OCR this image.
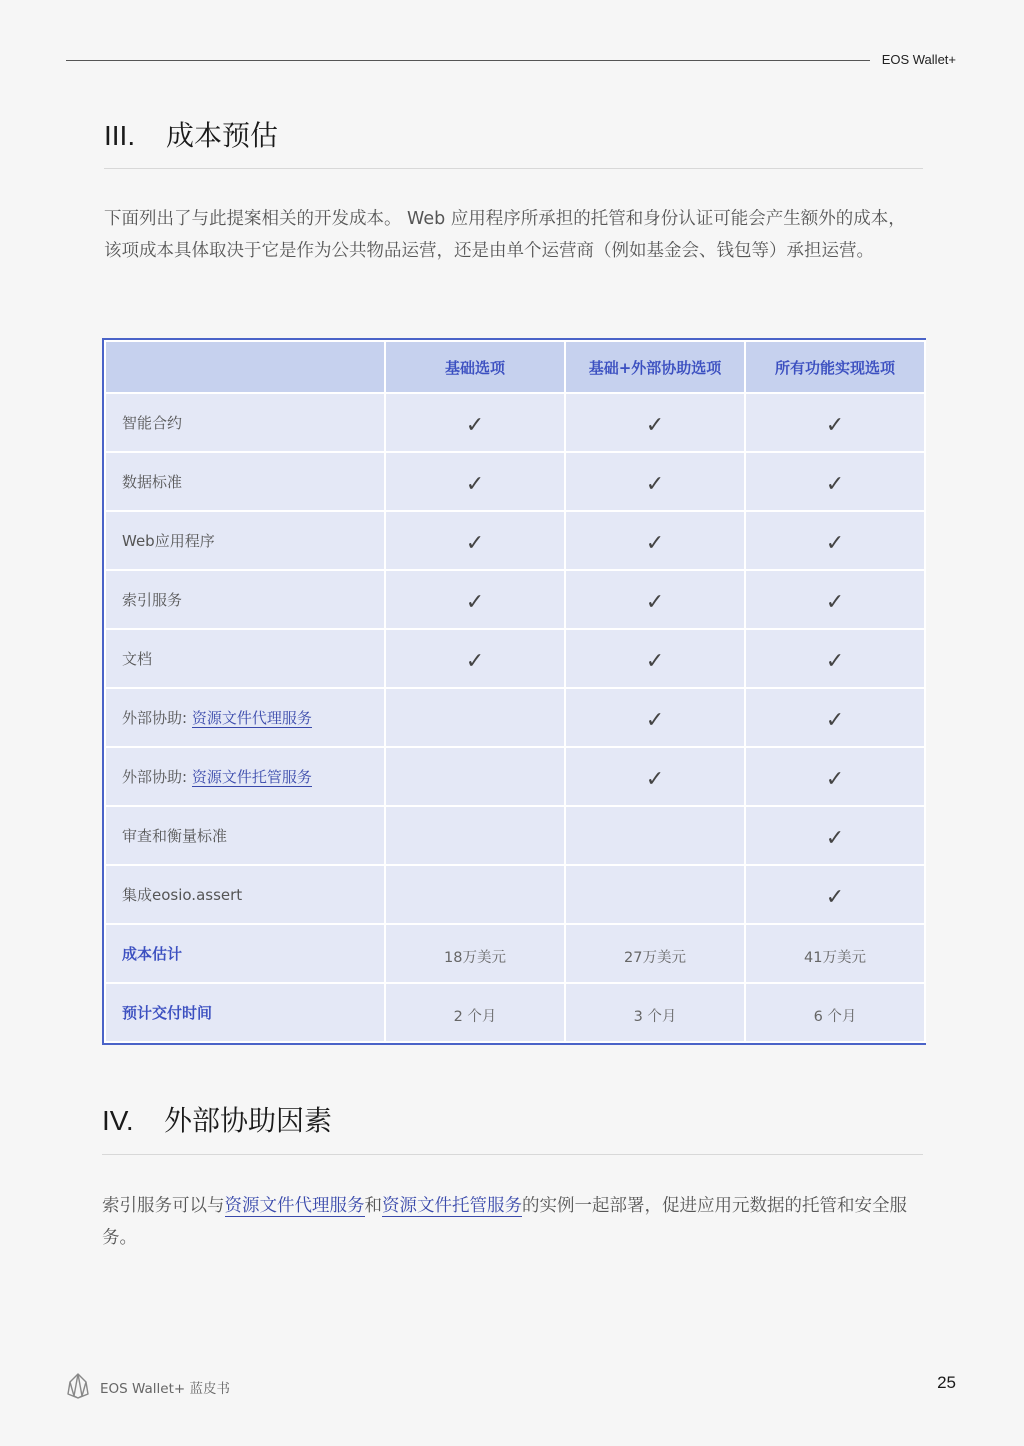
EOS Wallet+
III.	成本预估
下面列出了与此提案相关的开发成本。 Web 应用程序所承担的托管和身份认证可能会产生额外的成本，该项成本具体取决于它是作为公共物品运营，还是由单个运营商（例如基金会、钱包等）承担运营。
	基础选项	基础+外部协助选项	所有功能实现选项
智能合约	✓	✓	✓
数据标准	✓	✓	✓
Web应用程序	✓	✓	✓
索引服务	✓	✓	✓
文档	✓	✓	✓
外部协助: 资源文件代理服务		✓	✓
外部协助: 资源文件托管服务		✓	✓
审查和衡量标准			✓
集成eosio.assert			✓
成本估计	18万美元	27万美元	41万美元
预计交付时间	2 个月	3 个月	6 个月
IV.	外部协助因素
索引服务可以与资源文件代理服务和资源文件托管服务的实例一起部署，促进应用元数据的托管和安全服务。
EOS Wallet+ 蓝皮书	25
